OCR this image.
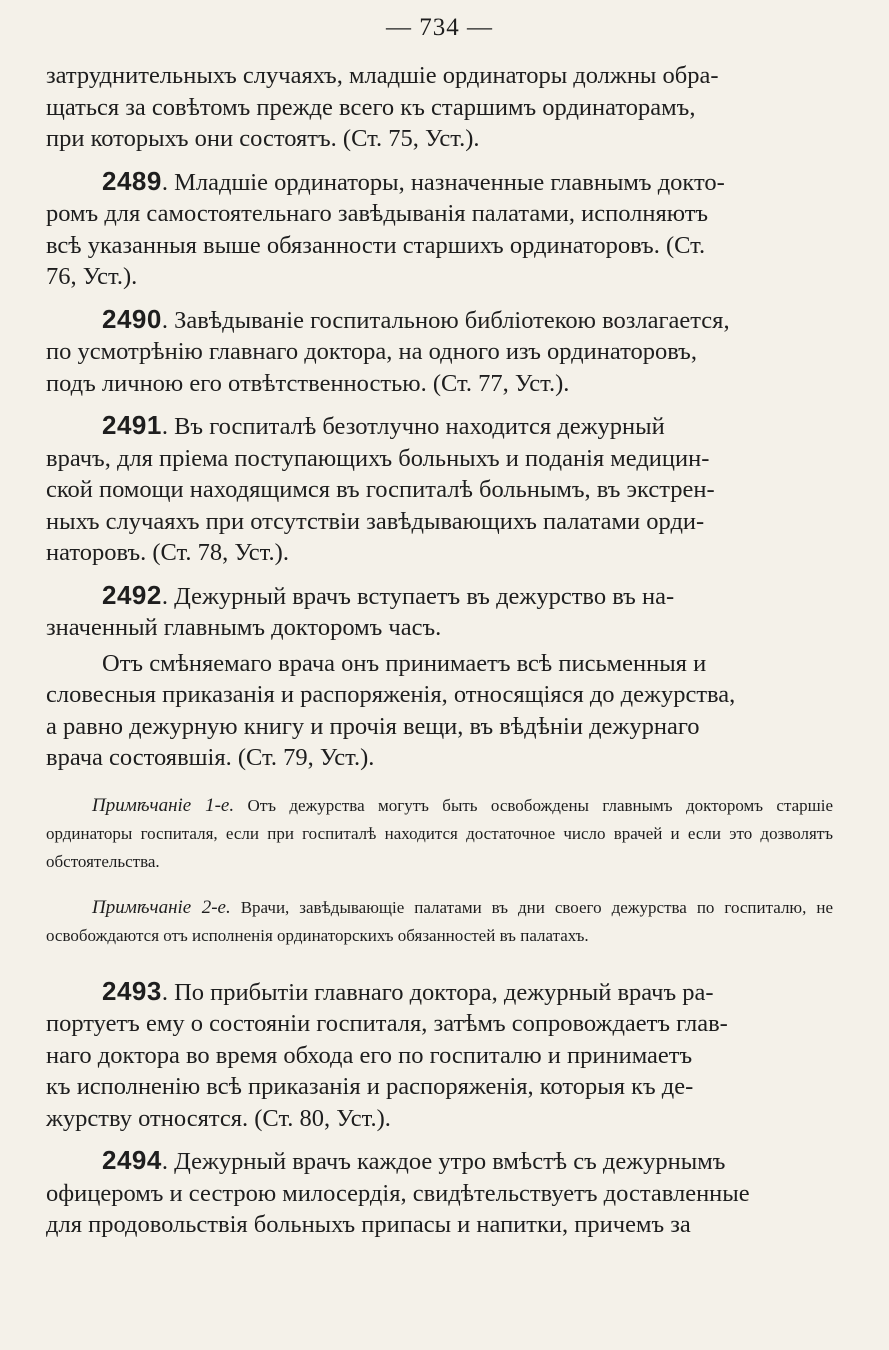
— 734 —
затруднительныхъ случаяхъ, младшіе ординаторы должны обра-
щаться за совѣтомъ прежде всего къ старшимъ ординаторамъ,
при которыхъ они состоятъ. (Ст. 75, Уст.).
2489. Младшіе ординаторы, назначенные главнымъ докто-
ромъ для самостоятельнаго завѣдыванія палатами, исполняютъ
всѣ указанныя выше обязанности старшихъ ординаторовъ. (Ст.
76, Уст.).
2490. Завѣдываніе госпитальною библіотекою возлагается,
по усмотрѣнію главнаго доктора, на одного изъ ординаторовъ,
подъ личною его отвѣтственностью. (Ст. 77, Уст.).
2491. Въ госпиталѣ безотлучно находится дежурный
врачъ, для пріема поступающихъ больныхъ и поданія медицин-
ской помощи находящимся въ госпиталѣ больнымъ, въ экстрен-
ныхъ случаяхъ при отсутствіи завѣдывающихъ палатами орди-
наторовъ. (Ст. 78, Уст.).
2492. Дежурный врачъ вступаетъ въ дежурство въ на-
значенный главнымъ докторомъ часъ.
Отъ смѣняемаго врача онъ принимаетъ всѣ письменныя и
словесныя приказанія и распоряженія, относящіяся до дежурства,
а равно дежурную книгу и прочія вещи, въ вѣдѣніи дежурнаго
врача состоявшія. (Ст. 79, Уст.).
Примѣчаніе 1-е. Отъ дежурства могутъ быть освобождены главнымъ докторомъ старшіе ординаторы госпиталя, если при госпиталѣ находится достаточное число врачей и если это дозволятъ обстоятельства.
Примѣчаніе 2-е. Врачи, завѣдывающіе палатами въ дни своего дежурства по госпиталю, не освобождаются отъ исполненія ординаторскихъ обязанностей въ палатахъ.
2493. По прибытіи главнаго доктора, дежурный врачъ ра-
портуетъ ему о состояніи госпиталя, затѣмъ сопровождаетъ глав-
наго доктора во время обхода его по госпиталю и принимаетъ
къ исполненію всѣ приказанія и распоряженія, которыя къ де-
журству относятся. (Ст. 80, Уст.).
2494. Дежурный врачъ каждое утро вмѣстѣ съ дежурнымъ
офицеромъ и сестрою милосердія, свидѣтельствуетъ доставленные
для продовольствія больныхъ припасы и напитки, причемъ за
